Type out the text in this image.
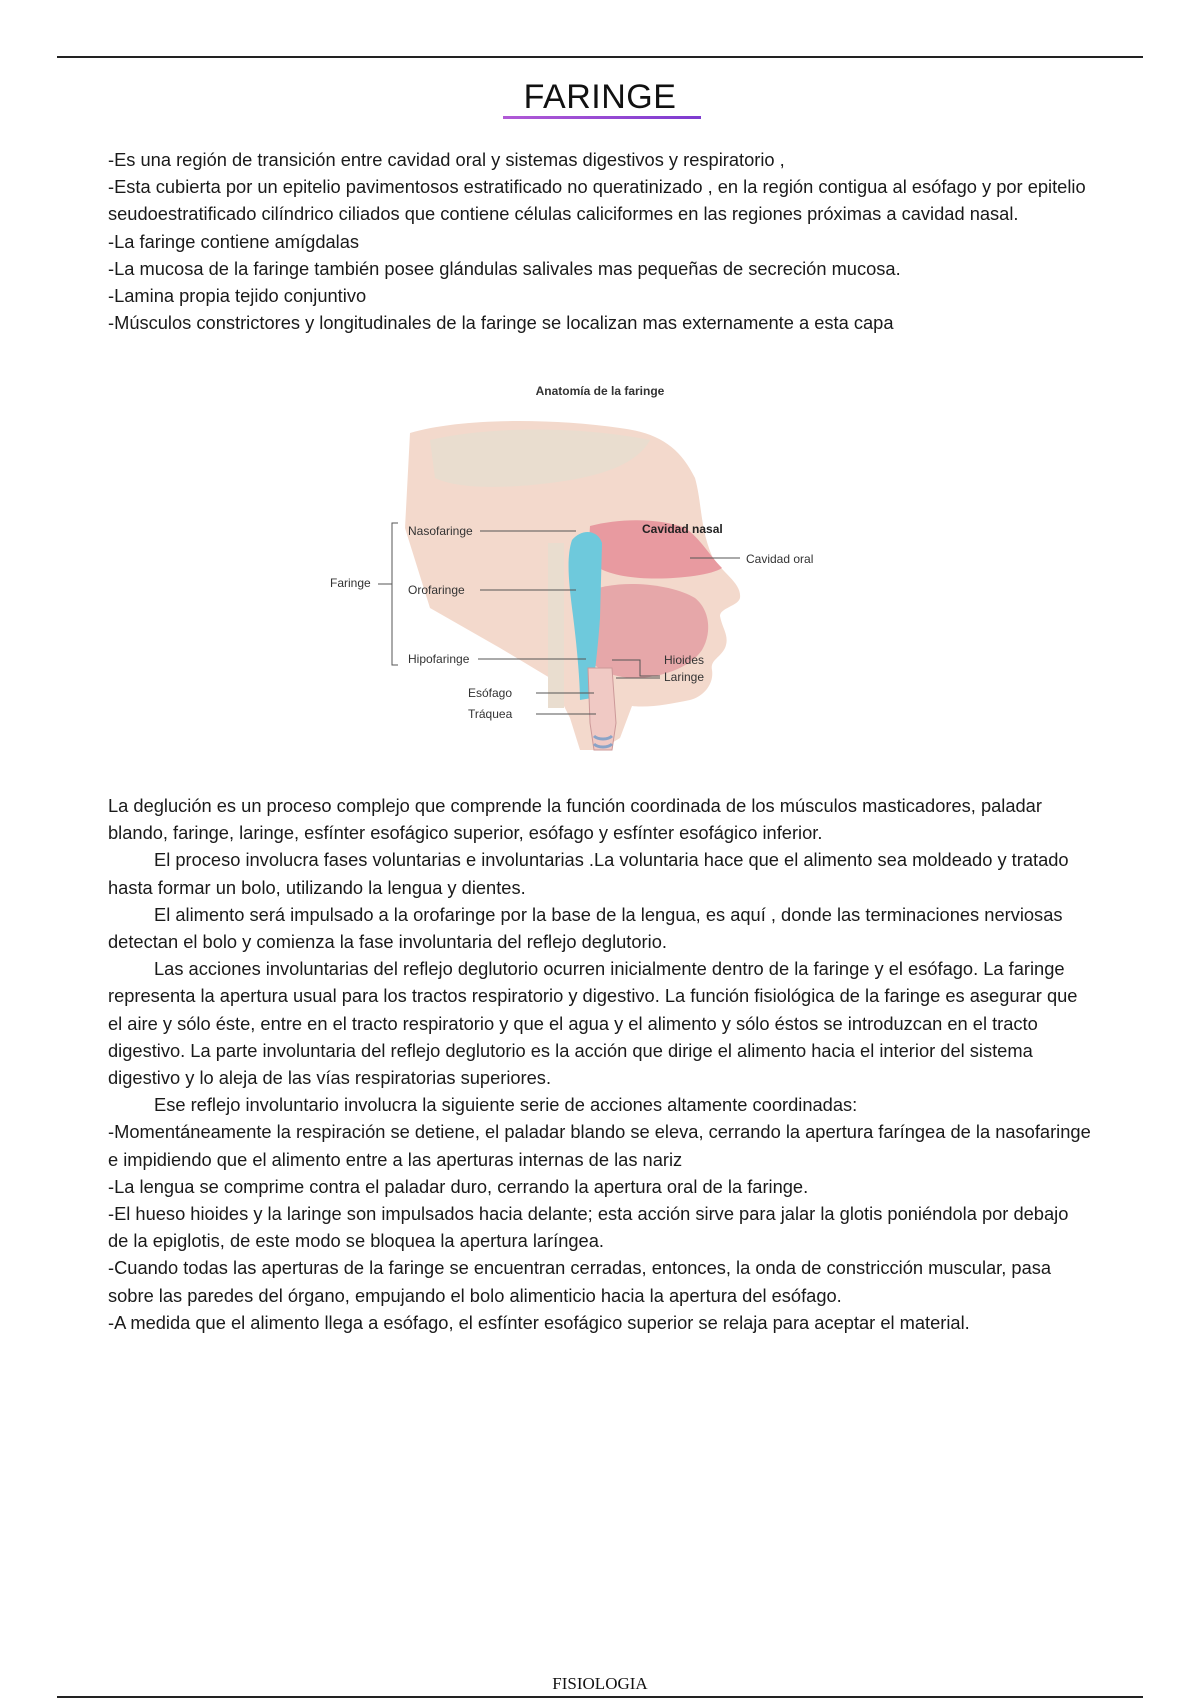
FARINGE

-Es una región de transición entre cavidad oral y sistemas digestivos y respiratorio ,

-Esta cubierta por un epitelio pavimentosos estratificado no queratinizado , en la región contigua al esófago y por epitelio seudoestratificado cilíndrico ciliados que contiene células caliciformes en las regiones próximas a cavidad nasal.

-La faringe contiene amígdalas

-La mucosa de la faringe también posee glándulas salivales mas pequeñas de secreción mucosa.

-Lamina propia tejido conjuntivo

-Músculos constrictores y longitudinales de la faringe se localizan mas externamente a esta capa

Anatomía de la faringe
Cavidad nasal
Cavidad oral
Nasofaringe
Faringe	Orofaringe
Hipofaringe	Hioides
Laringe
Esófago
Tráquea

La deglución es un proceso complejo que comprende la función coordinada de los músculos masticadores, paladar blando, faringe, laringe, esfínter esofágico superior, esófago y esfínter esofágico inferior.

El proceso involucra fases voluntarias e involuntarias .La voluntaria hace que el alimento sea moldeado y tratado hasta formar un bolo, utilizando la lengua y dientes.

El alimento será impulsado a la orofaringe por la base de la lengua, es aquí , donde las terminaciones nerviosas detectan el bolo y comienza la fase involuntaria del reflejo deglutorio.

Las acciones involuntarias del reflejo deglutorio ocurren inicialmente dentro de la faringe y el esófago. La faringe representa la apertura usual para los tractos respiratorio y digestivo. La función fisiológica de la faringe es asegurar que el aire y sólo éste, entre en el tracto respiratorio y que el agua y el alimento y sólo éstos se introduzcan en el tracto digestivo. La parte involuntaria del reflejo deglutorio es la acción que dirige el alimento hacia el interior del sistema digestivo y lo aleja de las vías respiratorias superiores.

Ese reflejo involuntario involucra la siguiente serie de acciones altamente coordinadas:

-Momentáneamente la respiración se detiene, el paladar blando se eleva, cerrando la apertura faríngea de la nasofaringe e impidiendo que el alimento entre a las aperturas internas de las nariz

-La lengua se comprime contra el paladar duro, cerrando la apertura oral de la faringe.

-El hueso hioides y la laringe son impulsados hacia delante; esta acción sirve para jalar la glotis poniéndola por debajo de la epiglotis, de este modo se bloquea la apertura laríngea.

-Cuando todas las aperturas de la faringe se encuentran cerradas, entonces, la onda de constricción muscular, pasa sobre las paredes del órgano, empujando el bolo alimenticio hacia la apertura del esófago.

-A medida que el alimento llega a esófago, el esfínter esofágico superior se relaja para aceptar el material.

FISIOLOGIA
